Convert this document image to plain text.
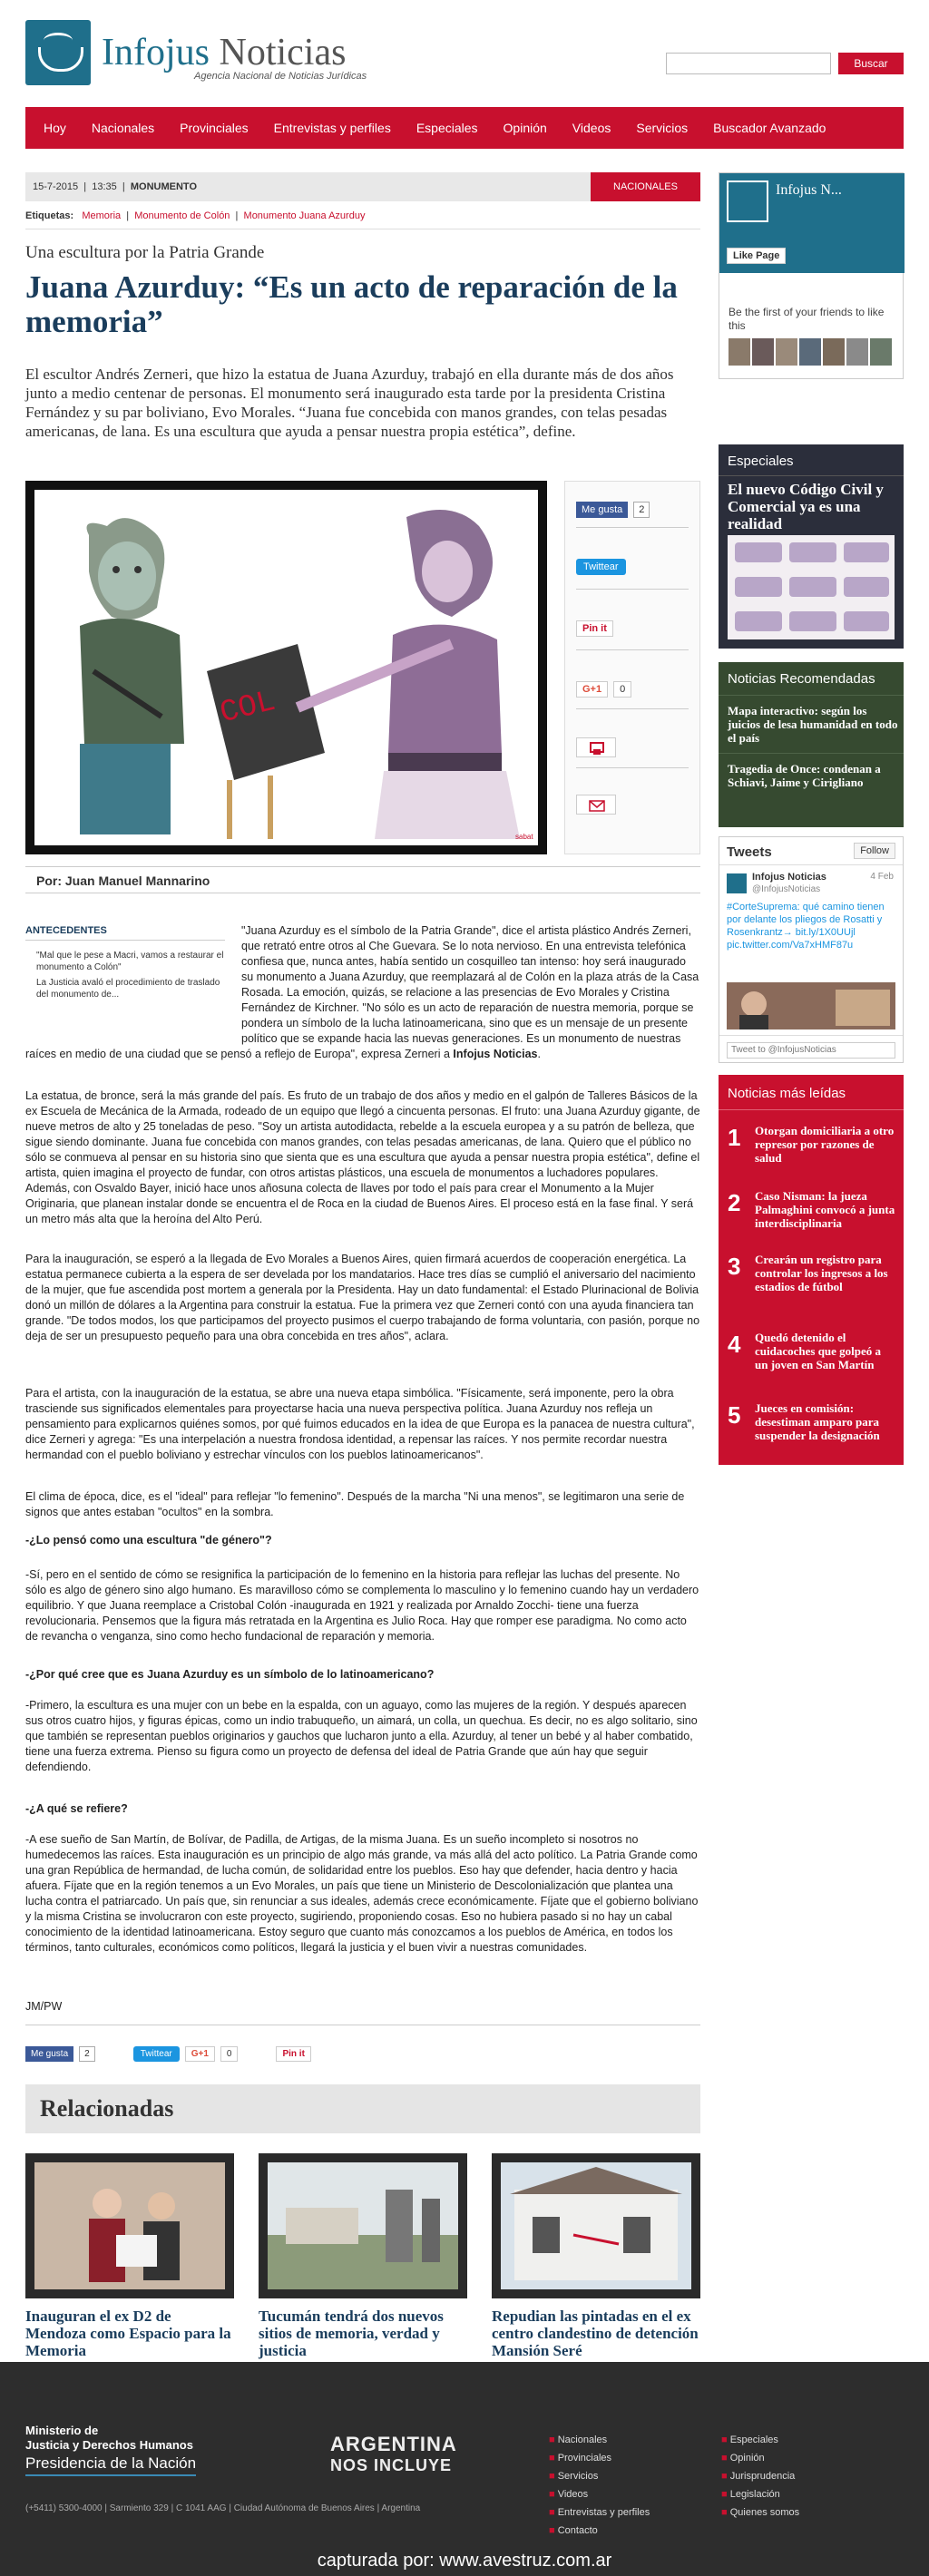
Infojus Noticias
Agencia Nacional de Noticias Jurídicas
Buscar
Hoy	Nacionales	Provinciales	Entrevistas y perfiles	Especiales	Opinión	Videos	Servicios	Buscador Avanzado
15-7-2015  |  13:35  |  MONUMENTO	NACIONALES
Etiquetas: Memoria  |  Monumento de Colón  |  Monumento Juana Azurduy
Una escultura por la Patria Grande
Juana Azurduy: “Es un acto de reparación de la memoria”
El escultor Andrés Zerneri, que hizo la estatua de Juana Azurduy, trabajó en ella durante más de dos años junto a medio centenar de personas. El monumento será inaugurado esta tarde por la presidenta Cristina Fernández y su par boliviano, Evo Morales. “Juana fue concebida con manos grandes, con telas pesadas americanas, de lana. Es una escultura que ayuda a pensar nuestra propia estética”, define.
COL
sabat
Me gusta	2
Twittear
Pin it
G+1	0
Por: Juan Manuel Mannarino
ANTECEDENTES
"Mal que le pese a Macri, vamos a restaurar el monumento a Colón"
La Justicia avaló el procedimiento de traslado del monumento de...
"Juana Azurduy es el símbolo de la Patria Grande", dice el artista plástico Andrés Zerneri, que retrató entre otros al Che Guevara. Se lo nota nervioso. En una entrevista telefónica confiesa que, nunca antes, había sentido un cosquilleo tan intenso: hoy será inaugurado su monumento a Juana Azurduy, que reemplazará al de Colón en la plaza atrás de la Casa Rosada. La emoción, quizás, se relacione a las presencias de Evo Morales y Cristina Fernández de Kirchner. "No sólo es un acto de reparación de nuestra memoria, porque se pondera un símbolo de la lucha latinoamericana, sino que es un mensaje de un presente político que se expande hacia las nuevas generaciones. Es un monumento de nuestras raíces en medio de una ciudad que se pensó a reflejo de Europa", expresa Zerneri a Infojus Noticias.
La estatua, de bronce, será la más grande del país. Es fruto de un trabajo de dos años y medio en el galpón de Talleres Básicos de la ex Escuela de Mecánica de la Armada, rodeado de un equipo que llegó a cincuenta personas. El fruto: una Juana Azurduy gigante, de nueve metros de alto y 25 toneladas de peso. "Soy un artista autodidacta, rebelde a la escuela europea y a su patrón de belleza, que sigue siendo dominante. Juana fue concebida con manos grandes, con telas pesadas americanas, de lana. Quiero que el público no sólo se conmueva al pensar en su historia sino que sienta que es una escultura que ayuda a pensar nuestra propia estética", define el artista, quien imagina el proyecto de fundar, con otros artistas plásticos, una escuela de monumentos a luchadores populares. Además, con Osvaldo Bayer, inició hace unos añosuna colecta de llaves por todo el país para crear el Monumento a la Mujer Originaria, que planean instalar donde se encuentra el de Roca en la ciudad de Buenos Aires. El proceso está en la fase final. Y será un metro más alta que la heroína del Alto Perú.
Para la inauguración, se esperó a la llegada de Evo Morales a Buenos Aires, quien firmará acuerdos de cooperación energética. La estatua permanece cubierta a la espera de ser develada por los mandatarios. Hace tres días se cumplió el aniversario del nacimiento de la mujer, que fue ascendida post mortem a generala por la Presidenta. Hay un dato fundamental: el Estado Plurinacional de Bolivia donó un millón de dólares a la Argentina para construir la estatua. Fue la primera vez que Zerneri contó con una ayuda financiera tan grande. "De todos modos, los que participamos del proyecto pusimos el cuerpo trabajando de forma voluntaria, con pasión, porque no deja de ser un presupuesto pequeño para una obra concebida en tres años", aclara.
Para el artista, con la inauguración de la estatua, se abre una nueva etapa simbólica. "Físicamente, será imponente, pero la obra trasciende sus significados elementales para proyectarse hacia una nueva perspectiva política. Juana Azurduy nos refleja un pensamiento para explicarnos quiénes somos, por qué fuimos educados en la idea de que Europa es la panacea de nuestra cultura", dice Zerneri y agrega: "Es una interpelación a nuestra frondosa identidad, a repensar las raíces. Y nos permite recordar nuestra hermandad con el pueblo boliviano y estrechar vínculos con los pueblos latinoamericanos".
El clima de época, dice, es el "ideal" para reflejar "lo femenino". Después de la marcha "Ni una menos", se legitimaron una serie de signos que antes estaban "ocultos" en la sombra.
-¿Lo pensó como una escultura "de género"?
-Sí, pero en el sentido de cómo se resignifica la participación de lo femenino en la historia para reflejar las luchas del presente. No sólo es algo de género sino algo humano. Es maravilloso cómo se complementa lo masculino y lo femenino cuando hay un verdadero equilibrio. Y que Juana reemplace a Cristobal Colón -inaugurada en 1921 y realizada por Arnaldo Zocchi- tiene una fuerza revolucionaria. Pensemos que la figura más retratada en la Argentina es Julio Roca. Hay que romper ese paradigma. No como acto de revancha o venganza, sino como hecho fundacional de reparación y memoria.
-¿Por qué cree que es Juana Azurduy es un símbolo de lo latinoamericano?
-Primero, la escultura es una mujer con un bebe en la espalda, con un aguayo, como las mujeres de la región. Y después aparecen sus otros cuatro hijos, y figuras épicas, como un indio trabuqueño, un aimará, un colla, un quechua. Es decir, no es algo solitario, sino que también se representan pueblos originarios y gauchos que lucharon junto a ella. Azurduy, al tener un bebé y al haber combatido, tiene una fuerza extrema. Pienso su figura como un proyecto de defensa del ideal de Patria Grande que aún hay que seguir defendiendo.
-¿A qué se refiere?
-A ese sueño de San Martín, de Bolívar, de Padilla, de Artigas, de la misma Juana. Es un sueño incompleto si nosotros no humedecemos las raíces. Esta inauguración es un principio de algo más grande, va más allá del acto político. La Patria Grande como una gran República de hermandad, de lucha común, de solidaridad entre los pueblos. Eso hay que defender, hacia dentro y hacia afuera. Fíjate que en la región tenemos a un Evo Morales, un país que tiene un Ministerio de Descolonialización que plantea una lucha contra el patriarcado. Un país que, sin renunciar a sus ideales, además crece económicamente. Fíjate que el gobierno boliviano y la misma Cristina se involucraron con este proyecto, sugiriendo, proponiendo cosas. Eso no hubiera pasado si no hay un cabal conocimiento de la identidad latinoamericana. Estoy seguro que cuanto más conozcamos a los pueblos de América, en todos los términos, tanto culturales, económicos como políticos, llegará la justicia y el buen vivir a nuestras comunidades.
JM/PW
Me gusta	2	Twittear	G+1	0	Pin it
Relacionadas
Inauguran el ex D2 de Mendoza como Espacio para la Memoria
Tucumán tendrá dos nuevos sitios de memoria, verdad y justicia
Repudian las pintadas en el ex centro clandestino de detención Mansión Seré
Infojus N...
Like Page
Be the first of your friends to like this
Especiales
El nuevo Código Civil y Comercial ya es una realidad
Noticias Recomendadas
Mapa interactivo: según los juicios de lesa humanidad en todo el país
Tragedia de Once: condenan a Schiavi, Jaime y Cirigliano
Tweets	Follow
Infojus Noticias	4 Feb
@InfojusNoticias
#CorteSuprema: qué camino tienen por delante los pliegos de Rosatti y Rosenkrantz→ bit.ly/1X0UUjl pic.twitter.com/Va7xHMF87u
Tweet to @InfojusNoticias
Noticias más leídas
1 Otorgan domiciliaria a otro represor por razones de salud
2 Caso Nisman: la jueza Palmaghini convocó a junta interdisciplinaria
3 Crearán un registro para controlar los ingresos a los estadios de fútbol
4 Quedó detenido el cuidacoches que golpeó a un joven en San Martín
5 Jueces en comisión: desestiman amparo para suspender la designación
Ministerio de
Justicia y Derechos Humanos
Presidencia de la Nación
(+5411) 5300-4000 | Sarmiento 329 | C 1041 AAG | Ciudad Autónoma de Buenos Aires | Argentina
ARGENTINA
NOS INCLUYE
■ Nacionales
■ Provinciales
■ Servicios
■ Videos
■ Entrevistas y perfiles
■ Contacto
■ Especiales
■ Opinión
■ Jurisprudencia
■ Legislación
■ Quienes somos
capturada por: www.avestruz.com.ar
